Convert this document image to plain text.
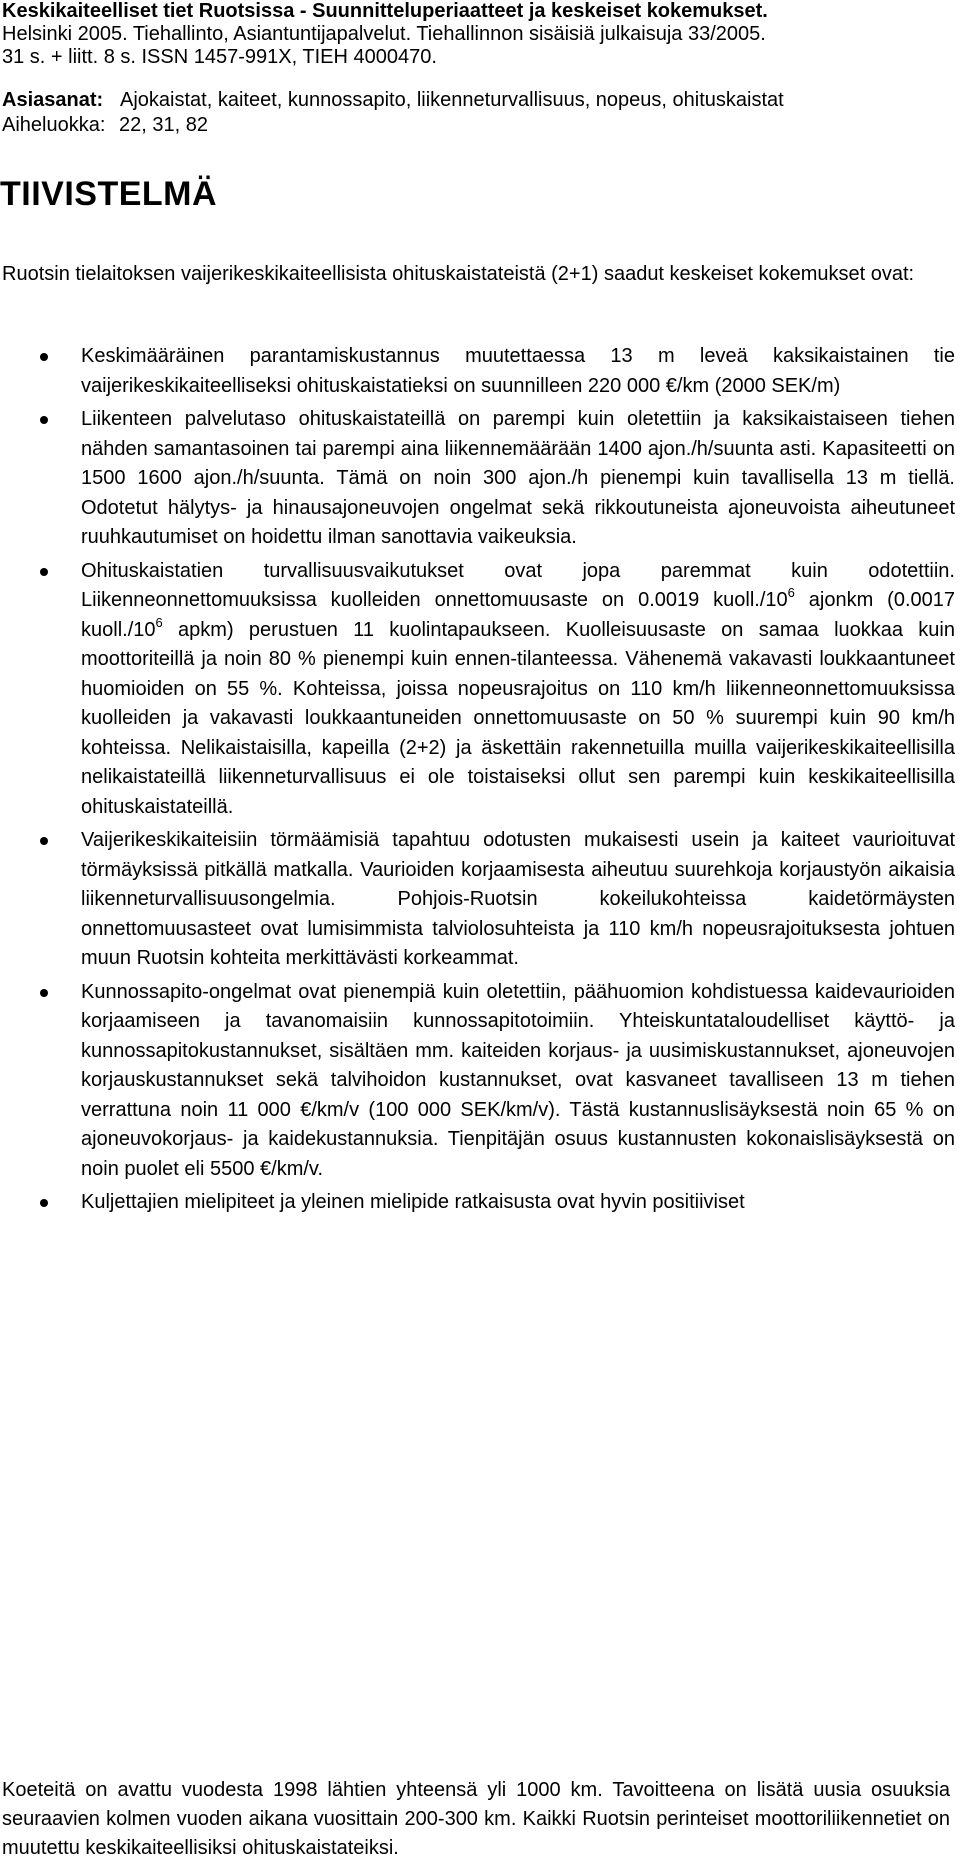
Keskikaiteelliset tiet Ruotsissa - Suunnitteluperiaatteet ja keskeiset kokemukset.
Helsinki 2005. Tiehallinto, Asiantuntijapalvelut. Tiehallinnon sisäisiä julkaisuja 33/2005.
31 s. + liitt. 8 s. ISSN 1457-991X, TIEH 4000470.

Asiasanat: Ajokaistat, kaiteet, kunnossapito, liikenneturvallisuus, nopeus, ohituskaistat

Aiheluokka: 22, 31, 82

TIIVISTELMÄ

Ruotsin tielaitoksen vaijerikeskikaiteellisista ohituskaistateistä (2+1) saadut keskeiset kokemukset ovat:

Keskimääräinen parantamiskustannus muutettaessa 13 m leveä kaksikaistainen tie vaijerikeskikaiteelliseksi ohituskaistatieksi on suunnilleen 220 000 €/km (2000 SEK/m)
Liikenteen palvelutaso ohituskaistateillä on parempi kuin oletettiin ja kaksikaistaiseen tiehen nähden samantasoinen tai parempi aina liikennemäärään 1400 ajon./h/suunta asti. Kapasiteetti on 1500 1600 ajon./h/suunta. Tämä on noin 300 ajon./h pienempi kuin tavallisella 13 m tiellä. Odotetut hälytys- ja hinausajoneuvojen ongelmat sekä rikkoutuneista ajoneuvoista aiheutuneet ruuhkautumiset on hoidettu ilman sanottavia vaikeuksia.
Ohituskaistatien turvallisuusvaikutukset ovat jopa paremmat kuin odotettiin. Liikenneonnettomuuksissa kuolleiden onnettomuusaste on 0.0019 $kuoll./10^6$ ajonkm (0.0017 $kuoll./10^6$ apkm) perustuen 11 kuolintapaukseen. Kuolleisuusaste on samaa luokkaa kuin moottoriteillä ja noin 80 % pienempi kuin ennen-tilanteessa. Vähenemä vakavasti loukkaantuneet huomioiden on 55 %. Kohteissa, joissa nopeusrajoitus on 110 km/h liikenneonnettomuuksissa kuolleiden ja vakavasti loukkaantuneiden onnettomuusaste on 50 % suurempi kuin 90 km/h kohteissa. Nelikaistaisilla, kapeilla (2+2) ja äskettäin rakennetuilla muilla vaijerikeskikaiteellisilla nelikaistateillä liikenneturvallisuus ei ole toistaiseksi ollut sen parempi kuin keskikaiteellisilla ohituskaistateillä.
Vaijerikeskikaiteisiin törmäämisiä tapahtuu odotusten mukaisesti usein ja kaiteet vaurioituvat törmäyksissä pitkällä matkalla. Vaurioiden korjaamisesta aiheutuu suurehkoja korjaustyön aikaisia liikenneturvallisuusongelmia. Pohjois-Ruotsin kokeilukohteissa kaidetörmäysten onnettomuusasteet ovat lumisimmista talviolosuhteista ja 110 km/h nopeusrajoituksesta johtuen muun Ruotsin kohteita merkittävästi korkeammat.
Kunnossapito-ongelmat ovat pienempiä kuin oletettiin, päähuomion kohdistuessa kaidevaurioiden korjaamiseen ja tavanomaisiin kunnossapitotoimiin. Yhteiskuntataloudelliset käyttö- ja kunnossapitokustannukset, sisältäen mm. kaiteiden korjaus- ja uusimiskustannukset, ajoneuvojen korjauskustannukset sekä talvihoidon kustannukset, ovat kasvaneet tavalliseen 13 m tiehen verrattuna noin 11 000 €/km/v (100 000 SEK/km/v). Tästä kustannuslisäyksestä noin 65 % on ajoneuvokorjaus- ja kaidekustannuksia. Tienpitäjän osuus kustannusten kokonaislisäyksestä on noin puolet eli 5500 €/km/v.
Kuljettajien mielipiteet ja yleinen mielipide ratkaisusta ovat hyvin positiiviset

Koeteitä on avattu vuodesta 1998 lähtien yhteensä yli 1000 km. Tavoitteena on lisätä uusia osuuksia seuraavien kolmen vuoden aikana vuosittain 200-300 km. Kaikki Ruotsin perinteiset moottoriliikennetiet on muutettu keskikaiteellisiksi ohituskaistateiksi.
